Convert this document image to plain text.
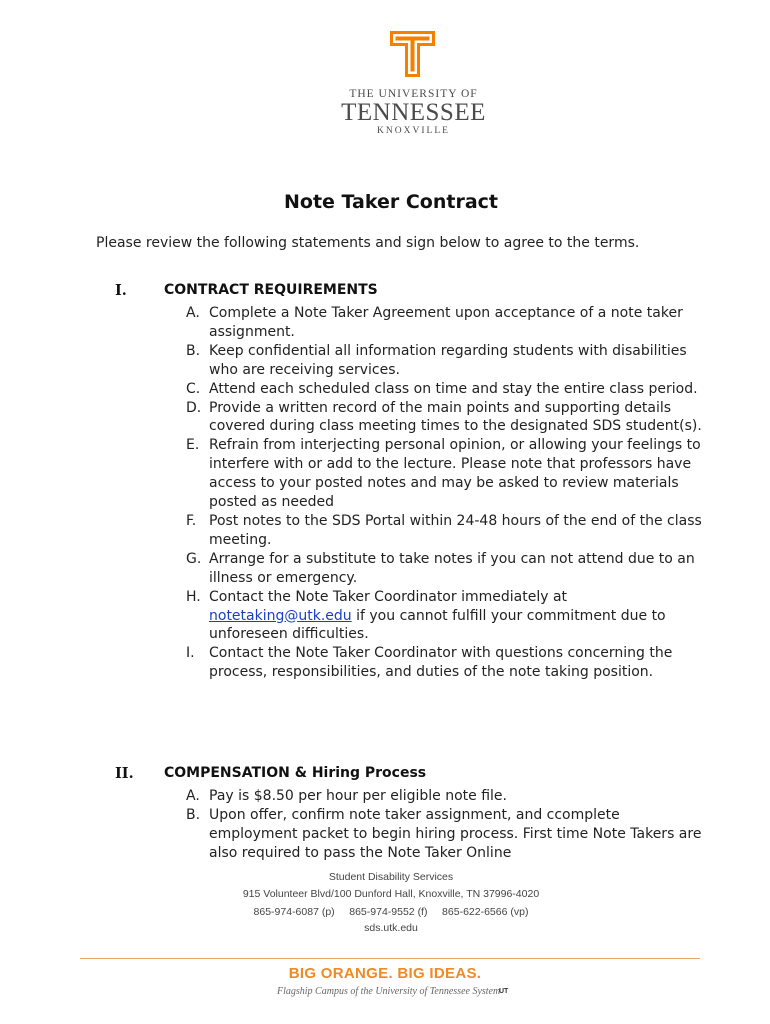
THE UNIVERSITY OF
TENNESSEE
KNOXVILLE
Note Taker Contract
Please review the following statements and sign below to agree to the terms.
I.	CONTRACT REQUIREMENTS
A. Complete a Note Taker Agreement upon acceptance of a note taker assignment.
B. Keep confidential all information regarding students with disabilities who are receiving services.
C. Attend each scheduled class on time and stay the entire class period.
D. Provide a written record of the main points and supporting details covered during class meeting times to the designated SDS student(s).
E. Refrain from interjecting personal opinion, or allowing your feelings to interfere with or add to the lecture. Please note that professors have access to your posted notes and may be asked to review materials posted as needed
F. Post notes to the SDS Portal within 24-48 hours of the end of the class meeting.
G. Arrange for a substitute to take notes if you can not attend due to an illness or emergency.
H. Contact the Note Taker Coordinator immediately at notetaking@utk.edu if you cannot fulfill your commitment due to unforeseen difficulties.
I. Contact the Note Taker Coordinator with questions concerning the process, responsibilities, and duties of the note taking position.
II. COMPENSATION & Hiring Process
A. Pay is $8.50 per hour per eligible note file.
B. Upon offer, confirm note taker assignment, and ccomplete employment packet to begin hiring process. First time Note Takers are also required to pass the Note Taker Online
Student Disability Services
915 Volunteer Blvd/100 Dunford Hall, Knoxville, TN 37996-4020
865-974-6087 (p)     865-974-9552 (f)     865-622-6566 (vp)
sds.utk.edu
BIG ORANGE. BIG IDEAS.
Flagship Campus of the University of Tennessee System
UT
